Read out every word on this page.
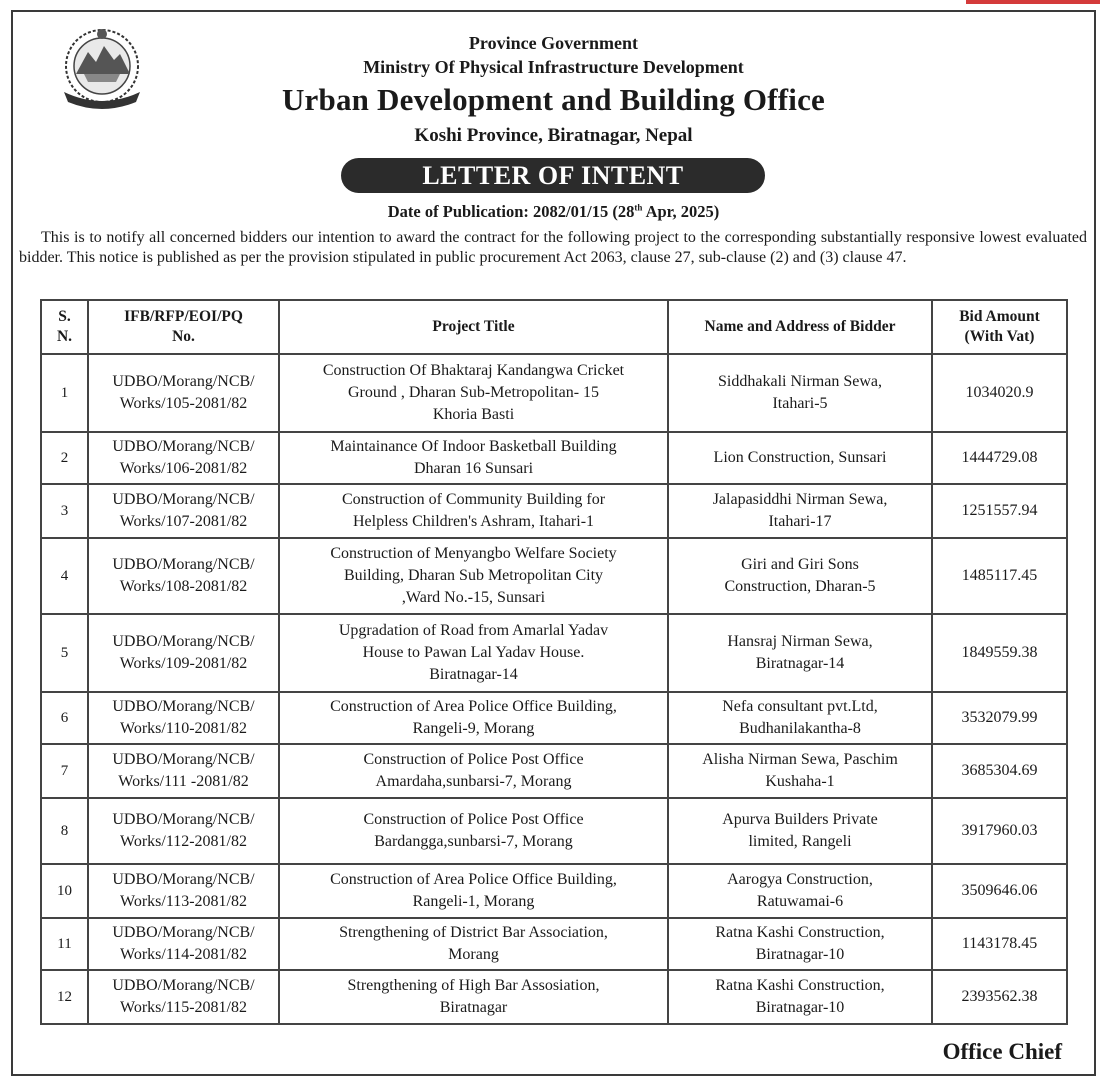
Province Government
Ministry Of Physical Infrastructure Development
Urban Development and Building Office
Koshi Province, Biratnagar, Nepal
LETTER OF INTENT
Date of Publication: 2082/01/15 (28th Apr, 2025)

This is to notify all concerned bidders our intention to award the contract for the following project to the corresponding substantially responsive lowest evaluated bidder. This notice is published as per the provision stipulated in public procurement Act 2063, clause 27, sub-clause (2) and (3) clause 47.

S.
N.	IFB/RFP/EOI/PQ
No.	Project Title	Name and Address of Bidder	Bid Amount
(With Vat)
1	UDBO/Morang/NCB/
Works/105-2081/82	Construction Of Bhaktaraj Kandangwa Cricket
Ground , Dharan Sub-Metropolitan- 15
Khoria Basti	Siddhakali Nirman Sewa,
Itahari-5	1034020.9
2	UDBO/Morang/NCB/
Works/106-2081/82	Maintainance Of Indoor Basketball Building
Dharan 16 Sunsari	Lion Construction, Sunsari	1444729.08
3	UDBO/Morang/NCB/
Works/107-2081/82	Construction of Community Building for
Helpless Children's Ashram, Itahari-1	Jalapasiddhi Nirman Sewa,
Itahari-17	1251557.94
4	UDBO/Morang/NCB/
Works/108-2081/82	Construction of Menyangbo Welfare Society
Building, Dharan Sub Metropolitan City
,Ward No.-15, Sunsari	Giri and Giri Sons
Construction, Dharan-5	1485117.45
5	UDBO/Morang/NCB/
Works/109-2081/82	Upgradation of Road from Amarlal Yadav
House to Pawan Lal Yadav House.
Biratnagar-14	Hansraj Nirman Sewa,
Biratnagar-14	1849559.38
6	UDBO/Morang/NCB/
Works/110-2081/82	Construction of Area Police Office Building,
Rangeli-9, Morang	Nefa consultant pvt.Ltd,
Budhanilakantha-8	3532079.99
7	UDBO/Morang/NCB/
Works/111 -2081/82	Construction of Police Post Office
Amardaha,sunbarsi-7, Morang	Alisha Nirman Sewa, Paschim
Kushaha-1	3685304.69
8	UDBO/Morang/NCB/
Works/112-2081/82	Construction of Police Post Office
Bardangga,sunbarsi-7, Morang	Apurva Builders Private
limited, Rangeli	3917960.03
10	UDBO/Morang/NCB/
Works/113-2081/82	Construction of Area Police Office Building,
Rangeli-1, Morang	Aarogya Construction,
Ratuwamai-6	3509646.06
11	UDBO/Morang/NCB/
Works/114-2081/82	Strengthening of District Bar Association,
Morang	Ratna Kashi Construction,
Biratnagar-10	1143178.45
12	UDBO/Morang/NCB/
Works/115-2081/82	Strengthening of High Bar Assosiation,
Biratnagar	Ratna Kashi Construction,
Biratnagar-10	2393562.38
Office Chief
